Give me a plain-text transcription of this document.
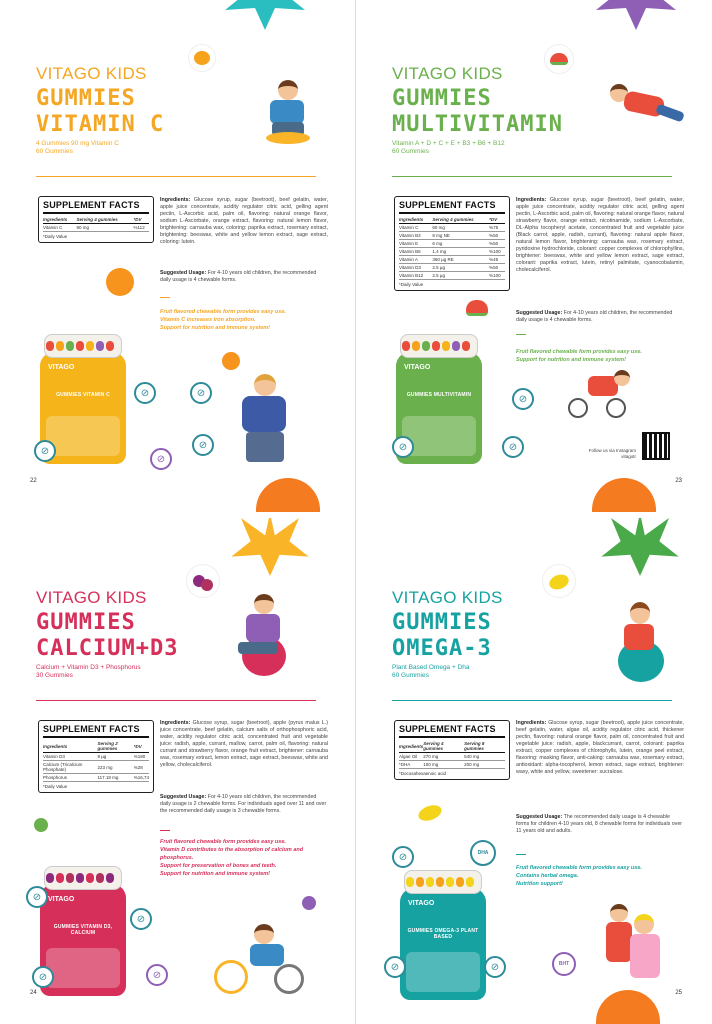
VITAGO KIDS
GUMMIES
VITAMIN C
4 Gummies 90 mg Vitamin C
60 Gummies
SUPPLEMENT FACTS
Ingredients	Serving 4 gummies	*DV
Vitamin C	90 mg	%112
*Daily Value
Ingredients: Glucose syrup, sugar (beetroot), beef gelatin, water, apple juice concentrate, acidity regulator citric acid, gelling agent pectin, L-Ascorbic acid, palm oil, flavoring: natural orange flavor, sodium L-Ascorbate, orange extract, flavoring: natural lemon flavor, brightening: carnauba wax, coloring: paprika extract, rosemary extract, brightening: beeswax, white and yellow lemon extract, sage extract, coloring: lutein.
Suggested Usage: For 4-10 years old children, the recommended daily usage is 4 chewable forms.
Fruit flavored chewable form provides easy use.
Vitamin C increases iron absorption.
Support for nutrition and immune system!
VITAGO
GUMMIES VITAMIN C	⊘
⊘
⊘
⊘
⊘
22
VITAGO KIDS
GUMMIES
MULTIVITAMIN
Vitamin A + D + C + E + B3 + B6 + B12
60 Gummies
SUPPLEMENT FACTS
Ingredients	Serving 4 gummies	*DV
Vitamin C	60 mg	%75
Vitamin B3	8 mg NE	%50
Vitamin E	6 mg	%50
Vitamin B6	1.4 mg	%100
Vitamin A	360 µg RE	%45
Vitamin D3	2.5 µg	%50
Vitamin B12	2.5 µg	%100
*Daily Value
Ingredients: Glucose syrup, sugar (beetroot), beef gelatin, water, apple juice concentrate, acidity regulator citric acid, gelling agent pectin, L-Ascorbic acid, palm oil, flavoring: natural orange flavor, natural strawberry flavor, orange extract, nicotinamide, sodium L-Ascorbate, DL-Alpha tocopheryl acetate, concentrated fruit and vegetable juice (Black carrot, apple, radish, currant), flavoring: natural apple flavor, natural lemon flavor, brightening: carnauba wax, rosemary extract, pyridoxine hydrochloride, colorant: copper complexes of chlorophyllins, brightener: beeswax, white and yellow lemon extract, sage extract, colorant: paprika extract, lutein, retinyl palmitate, cyanocobalamin, cholecalciferol.
Suggested Usage: For 4-10 years old children, the recommended daily usage is 4 chewable forms.
Fruit flavored chewable form provides easy use.
Support for nutrition and immune system!
VITAGO
GUMMIES MULTIVITAMIN	⊘
⊘	⊘	Follow us via Instagram
vitagotr
23
VITAGO KIDS
GUMMIES
CALCIUM+D3
Calcium + Vitamin D3 + Phosphorus
30 Gummies
SUPPLEMENT FACTS
Ingredients	Serving 2 gummies	*DV
Vitamin D3	9 µg	%180
Calcium (Tricalcium Phosphate)	223 mg	%28
Phosphorus	117.18 mg	%16,74
*Daily Value
Ingredients: Glucose syrup, sugar (beetroot), apple (pyrus malus L.) juice concentrate, beef gelatin, calcium salts of orthophosphoric acid, water, acidity regulator citric acid, concentrated fruit and vegetable juice: radish, apple, currant, mallow, carrot, palm oil, flavoring: natural currant and strawberry flavor, orange fruit extract, brightener: carnauba wax, rosemary extract, lemon extract, sage extract, beeswax, white and yellow, cholecalciferol.
Suggested Usage: For 4-10 years old children, the recommended daily usage is 2 chewable forms. For individuals aged over 11 and over the recommended daily usage is 3 chewable forms.
Fruit flavored chewable form provides easy use.
Vitamin D contributes to the absorption of calcium and phosphorus.
Support for preservation of bones and teeth.
Support for nutrition and immune system!
VITAGO
GUMMIES VITAMIN D3, CALCIUM
⊘
⊘
⊘	⊘
24
VITAGO KIDS
GUMMIES
OMEGA-3
Plant Based Omega + Dha
60 Gummies
SUPPLEMENT FACTS
Ingredients	Serving 4 gummies	Serving 8 gummies
Algae Oil	270 mg	540 mg
*DHA	100 mg	200 mg
*Docosahexaenoic acid
Ingredients: Glucose syrup, sugar (beetroot), apple juice concentrate, beef gelatin, water, algae oil, acidity regulator citric acid, thickener pectin, flavoring: natural orange flavor, palm oil, concentrated fruit and vegetable juice: radish, apple, blackcurrant, carrot, colorant: paprika extract, copper complexes of chlorophylls, lutein, orange peel extract, flavoring: masking flavor, anti-caking: carnauba wax, rosemary extract, antioxidant: alpha-tocopherol, lemon extract, sage extract, brightener: waxy, white and yellow, sweetener: sucralose.
Suggested Usage: The recommended daily usage is 4 chewable forms for children 4-10 years old, 8 chewable forms for individuals over 11 years old and adults.
Fruit flavored chewable form provides easy use.
Contains herbal omega.
Nutrition support!
VITAGO
GUMMIES OMEGA-3 PLANT BASED
⊘	DHA
⊘	⊘	BHT
25
